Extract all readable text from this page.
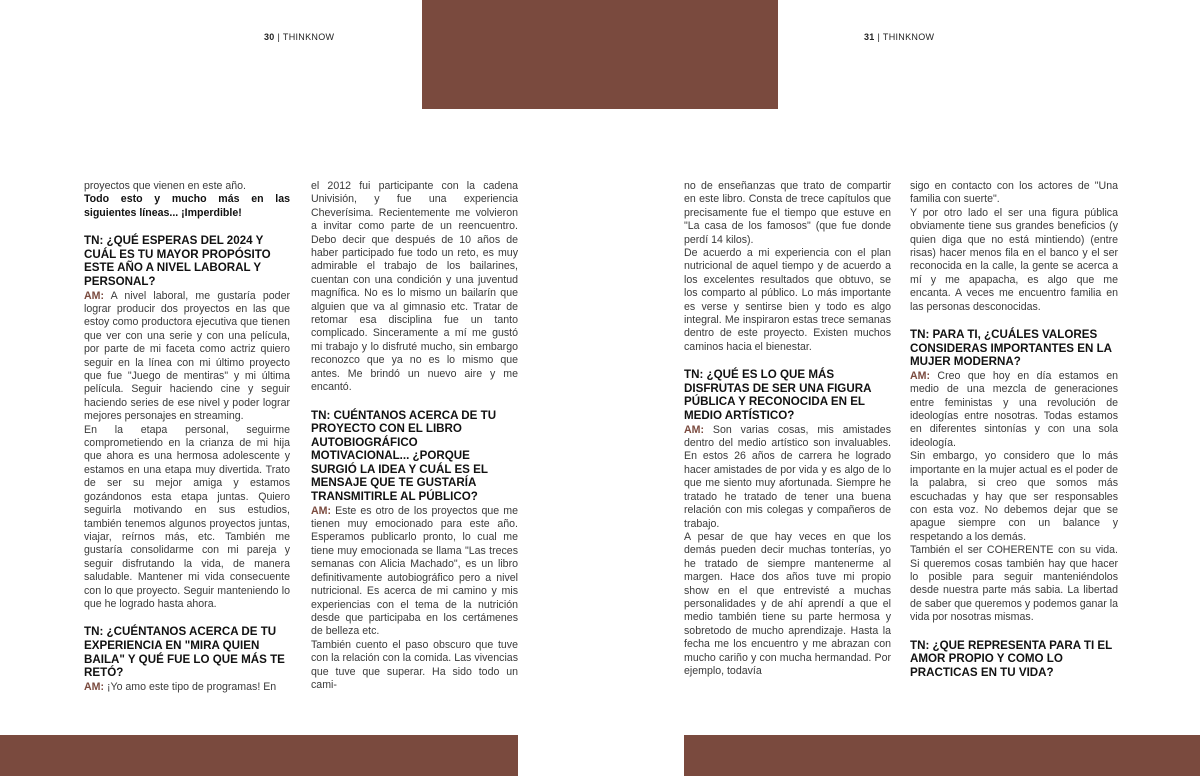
30 | THINKNOW	31 | THINKNOW

proyectos que vienen en este año.

Todo esto y mucho más en las siguientes líneas... ¡Imperdible!

TN: ¿QUÉ ESPERAS DEL 2024 Y CUÁL ES TU MAYOR PROPÓSITO ESTE AÑO A NIVEL LABORAL Y PERSONAL?

AM: A nivel laboral, me gustaría poder lograr producir dos proyectos en las que estoy como productora ejecutiva que tienen que ver con una serie y con una película, por parte de mi faceta como actriz quiero seguir en la línea con mi último proyecto que fue "Juego de mentiras" y mi última película. Seguir haciendo cine y seguir haciendo series de ese nivel y poder lograr mejores personajes en streaming.

En la etapa personal, seguirme comprometiendo en la crianza de mi hija que ahora es una hermosa adolescente y estamos en una etapa muy divertida. Trato de ser su mejor amiga y estamos gozándonos esta etapa juntas. Quiero seguirla motivando en sus estudios, también tenemos algunos proyectos juntas, viajar, reírnos más, etc. También me gustaría consolidarme con mi pareja y seguir disfrutando la vida, de manera saludable. Mantener mi vida consecuente con lo que proyecto. Seguir manteniendo lo que he logrado hasta ahora.

TN: ¿CUÉNTANOS ACERCA DE TU EXPERIENCIA EN "MIRA QUIEN BAILA" Y QUÉ FUE LO QUE MÁS TE RETÓ?

AM: ¡Yo amo este tipo de programas! En

el 2012 fui participante con la cadena Univisión, y fue una experiencia Cheverísima. Recientemente me volvieron a invitar como parte de un reencuentro. Debo decir que después de 10 años de haber participado fue todo un reto, es muy admirable el trabajo de los bailarines, cuentan con una condición y una juventud magnífica. No es lo mismo un bailarín que alguien que va al gimnasio etc. Tratar de retomar esa disciplina fue un tanto complicado. Sinceramente a mí me gustó mi trabajo y lo disfruté mucho, sin embargo reconozco que ya no es lo mismo que antes. Me brindó un nuevo aire y me encantó.

TN: CUÉNTANOS ACERCA DE TU PROYECTO CON EL LIBRO AUTOBIOGRÁFICO MOTIVACIONAL... ¿PORQUE SURGIÓ LA IDEA Y CUÁL ES EL MENSAJE QUE TE GUSTARÍA TRANSMITIRLE AL PÚBLICO?

AM: Este es otro de los proyectos que me tienen muy emocionado para este año. Esperamos publicarlo pronto, lo cual me tiene muy emocionada se llama "Las treces semanas con Alicia Machado", es un libro definitivamente autobiográfico pero a nivel nutricional. Es acerca de mi camino y mis experiencias con el tema de la nutrición desde que participaba en los certámenes de belleza etc.

También cuento el paso obscuro que tuve con la relación con la comida. Las vivencias que tuve que superar. Ha sido todo un cami-

no de enseñanzas que trato de compartir en este libro. Consta de trece capítulos que precisamente fue el tiempo que estuve en "La casa de los famosos" (que fue donde perdí 14 kilos).

De acuerdo a mi experiencia con el plan nutricional de aquel tiempo y de acuerdo a los excelentes resultados que obtuvo, se los comparto al público. Lo más importante es verse y sentirse bien y todo es algo integral. Me inspiraron estas trece semanas dentro de este proyecto. Existen muchos caminos hacia el bienestar.

TN: ¿QUÉ ES LO QUE MÁS DISFRUTAS DE SER UNA FIGURA PÚBLICA Y RECONOCIDA EN EL MEDIO ARTÍSTICO?

AM: Son varias cosas, mis amistades dentro del medio artístico son invaluables. En estos 26 años de carrera he logrado hacer amistades de por vida y es algo de lo que me siento muy afortunada. Siempre he tratado he tratado de tener una buena relación con mis colegas y compañeros de trabajo.

A pesar de que hay veces en que los demás pueden decir muchas tonterías, yo he tratado de siempre mantenerme al margen. Hace dos años tuve mi propio show en el que entrevisté a muchas personalidades y de ahí aprendí a que el medio también tiene su parte hermosa y sobretodo de mucho aprendizaje. Hasta la fecha me los encuentro y me abrazan con mucho cariño y con mucha hermandad. Por ejemplo, todavía

sigo en contacto con los actores de "Una familia con suerte".

Y por otro lado el ser una figura pública obviamente tiene sus grandes beneficios (y quien diga que no está mintiendo) (entre risas) hacer menos fila en el banco y el ser reconocida en la calle, la gente se acerca a mí y me apapacha, es algo que me encanta. A veces me encuentro familia en las personas desconocidas.

TN: PARA TI, ¿CUÁLES VALORES CONSIDERAS IMPORTANTES EN LA MUJER MODERNA?

AM: Creo que hoy en día estamos en medio de una mezcla de generaciones entre feministas y una revolución de ideologías entre nosotras. Todas estamos en diferentes sintonías y con una sola ideología.

Sin embargo, yo considero que lo más importante en la mujer actual es el poder de la palabra, si creo que somos más escuchadas y hay que ser responsables con esta voz. No debemos dejar que se apague siempre con un balance y respetando a los demás.

También el ser COHERENTE con su vida. Si queremos cosas también hay que hacer lo posible para seguir manteniéndolos desde nuestra parte más sabia. La libertad de saber que queremos y podemos ganar la vida por nosotras mismas.

TN: ¿QUE REPRESENTA PARA TI EL AMOR PROPIO Y COMO LO PRACTICAS EN TU VIDA?
